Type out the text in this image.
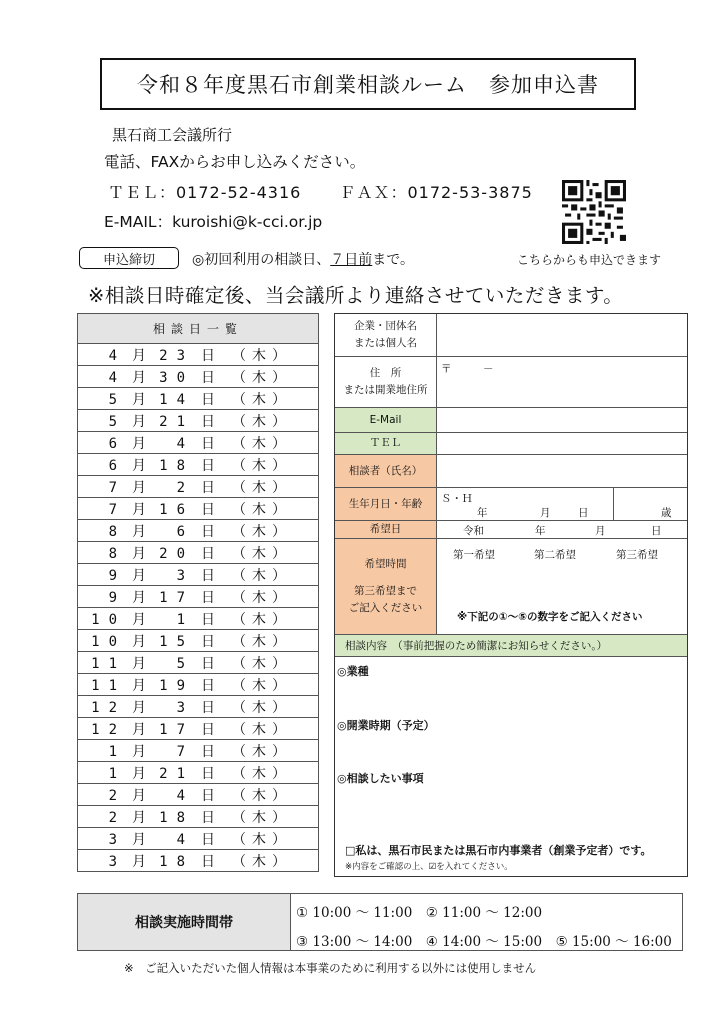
令和８年度黒石市創業相談ルーム　参加申込書
黒石商工会議所行
電話、FAXからお申し込みください。
ＴＥＬ：0172-52-4316 ＦＡＸ：0172-53-3875
E-MAIL：kuroishi@k-cci.or.jp
こちらからも申込できます
申込締切	◎初回利用の相談日、７日前まで。
※相談日時確定後、当会議所より連絡させていただきます。
相談日一覧
4 月 23 日 （木）
4 月 30 日 （木）
5 月 14 日 （木）
5 月 21 日 （木）
6 月 4 日 （木）
6 月 18 日 （木）
7 月 2 日 （木）
7 月 16 日 （木）
8 月 6 日 （木）
8 月 20 日 （木）
9 月 3 日 （木）
9 月 17 日 （木）
10 月 1 日 （木）
10 月 15 日 （木）
11 月 5 日 （木）
11 月 19 日 （木）
12 月 3 日 （木）
12 月 17 日 （木）
1 月 7 日 （木）
1 月 21 日 （木）
2 月 4 日 （木）
2 月 18 日 （木）
3 月 4 日 （木）
3 月 18 日 （木）
企業・団体名
または個人名
住　所
または開業地住所
〒　　　－
E-Mail
ＴＥＬ
相談者（氏名）
生年月日・年齢	Ｓ・Ｈ
年	月	日	歳
希望日	令和	年	月	日
希望時間
第三希望まで
ご記入ください
第一希望	第二希望	第三希望
※下記の①～⑤の数字をご記入ください
相談内容　（事前把握のため簡潔にお知らせください。）
◎業種
◎開業時期（予定）
◎相談したい事項
□私は、黒石市民または黒石市内事業者（創業予定者）です。
※内容をご確認の上、☑を入れてください。
相談実施時間帯
① 10:00 ～ 11:00　② 11:00 ～ 12:00
③ 13:00 ～ 14:00　④ 14:00 ～ 15:00　⑤ 15:00 ～ 16:00
※　ご記入いただいた個人情報は本事業のために利用する以外には使用しません
